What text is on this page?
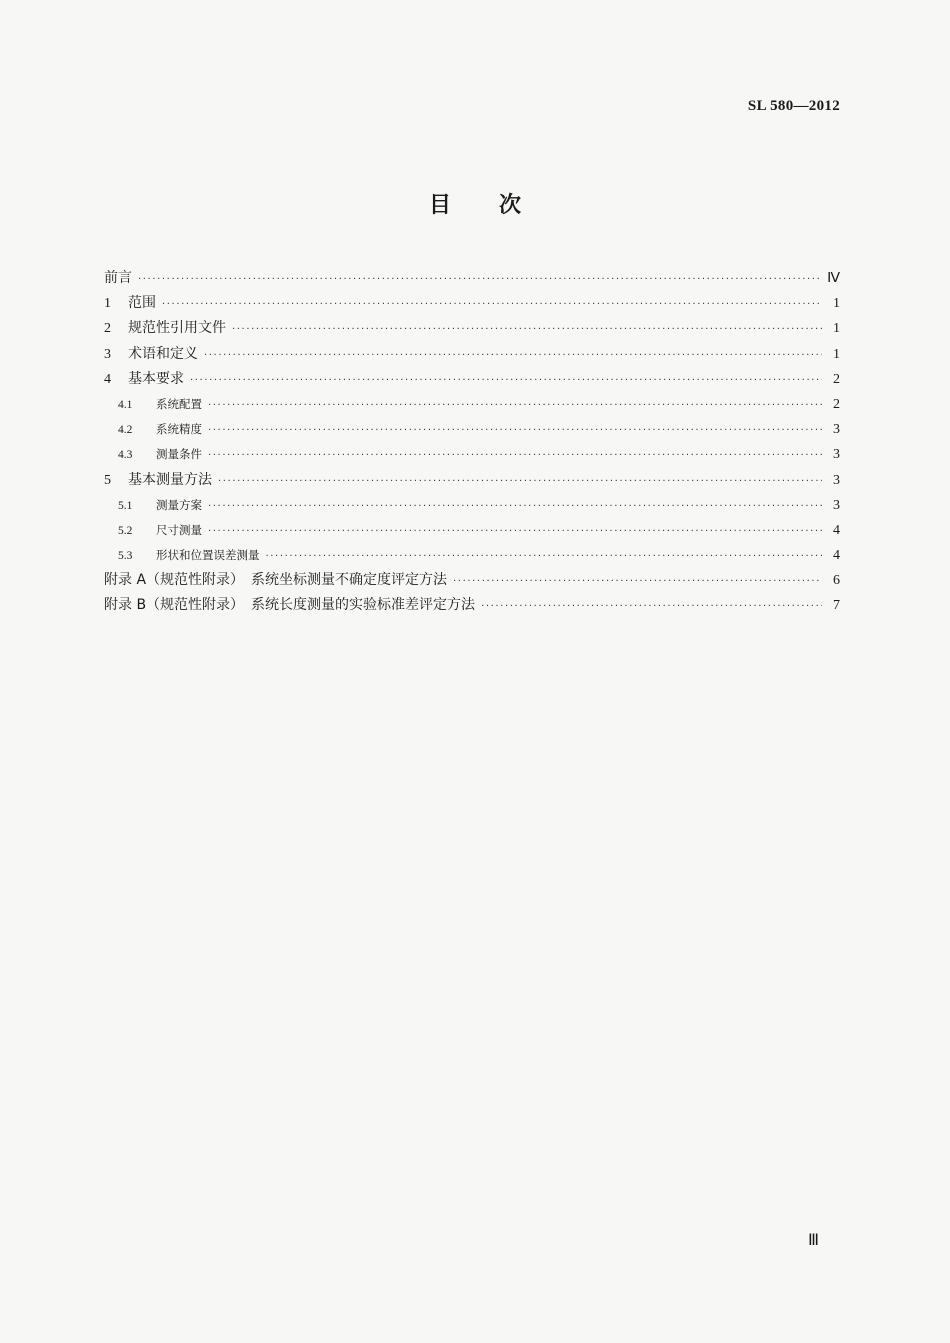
SL 580—2012
目 次
前言 ·····	Ⅳ
1	范围 ·····	1
2	规范性引用文件 ·····	1
3	术语和定义 ·····	1
4	基本要求 ·····	2
4.1	系统配置 ·····	2
4.2	系统精度 ·····	3
4.3	测量条件 ·····	3
5	基本测量方法 ·····	3
5.1	测量方案 ·····	3
5.2	尺寸测量 ·····	4
5.3	形状和位置误差测量 ·····	4
附录 A（规范性附录）　系统坐标测量不确定度评定方法 ·····	6
附录 B（规范性附录）　系统长度测量的实验标准差评定方法 ·····	7
Ⅲ
